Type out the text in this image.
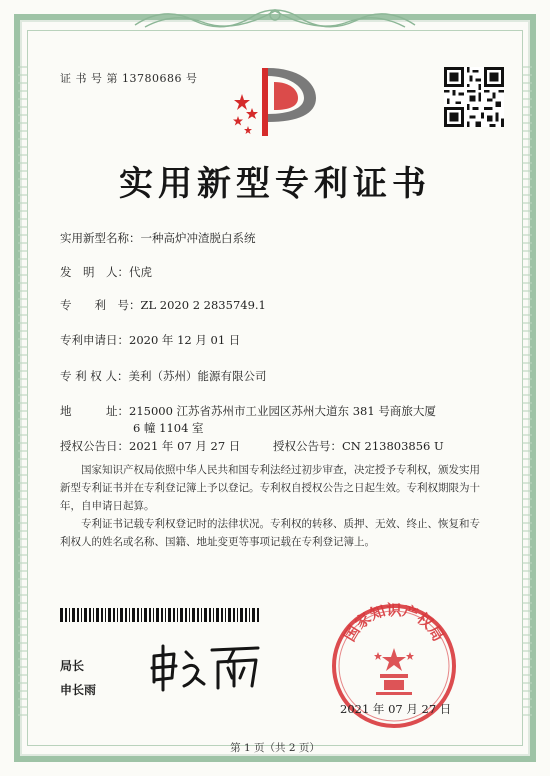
证 书 号 第 13780686 号
实用新型专利证书
实用新型名称：一种高炉冲渣脱白系统
发　明　人：代虎
专　　利　号：ZL 2020 2 2835749.1
专利申请日：2020 年 12 月 01 日
专 利 权 人：美利（苏州）能源有限公司
地　　　址：215000 江苏省苏州市工业园区苏州大道东 381 号商旅大厦
6 幢 1104 室
授权公告日：2021 年 07 月 27 日	授权公告号：CN 213803856 U
国家知识产权局依照中华人民共和国专利法经过初步审查，决定授予专利权，颁发实用新型专利证书并在专利登记簿上予以登记。专利权自授权公告之日起生效。专利权期限为十年，自申请日起算。
专利证书记载专利权登记时的法律状况。专利权的转移、质押、无效、终止、恢复和专利权人的姓名或名称、国籍、地址变更等事项记载在专利登记簿上。
局长
申长雨
国家知识产权局
2021 年 07 月 27 日
第 1 页（共 2 页）
